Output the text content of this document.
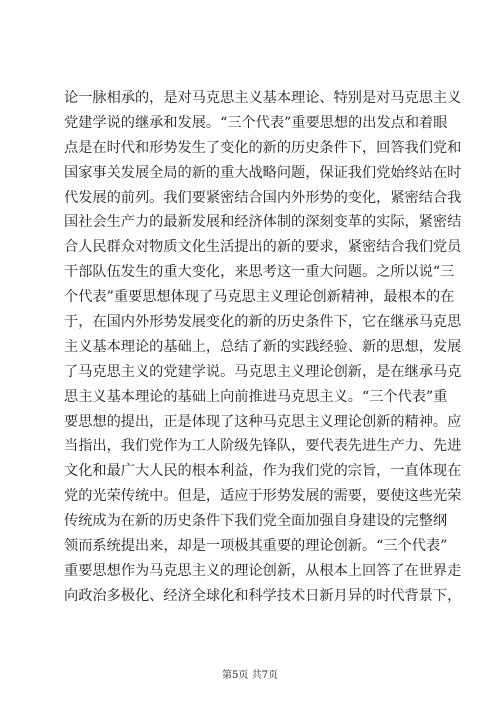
论一脉相承的，是对马克思主义基本理论、特别是对马克思主义
党建学说的继承和发展。“三个代表”重要思想的出发点和着眼
点是在时代和形势发生了变化的新的历史条件下，回答我们党和
国家事关发展全局的新的重大战略问题，保证我们党始终站在时
代发展的前列。我们要紧密结合国内外形势的变化，紧密结合我
国社会生产力的最新发展和经济体制的深刻变革的实际，紧密结
合人民群众对物质文化生活提出的新的要求，紧密结合我们党员
干部队伍发生的重大变化，来思考这一重大问题。之所以说“三
个代表”重要思想体现了马克思主义理论创新精神，最根本的在
于，在国内外形势发展变化的新的历史条件下，它在继承马克思
主义基本理论的基础上，总结了新的实践经验、新的思想，发展
了马克思主义的党建学说。马克思主义理论创新，是在继承马克
思主义基本理论的基础上向前推进马克思主义。“三个代表”重
要思想的提出，正是体现了这种马克思主义理论创新的精神。应
当指出，我们党作为工人阶级先锋队，要代表先进生产力、先进
文化和最广大人民的根本利益，作为我们党的宗旨，一直体现在
党的光荣传统中。但是，适应于形势发展的需要，要使这些光荣
传统成为在新的历史条件下我们党全面加强自身建设的完整纲
领而系统提出来，却是一项极其重要的理论创新。“三个代表”
重要思想作为马克思主义的理论创新，从根本上回答了在世界走
向政治多极化、经济全球化和科学技术日新月异的时代背景下，
第5页 共7页
